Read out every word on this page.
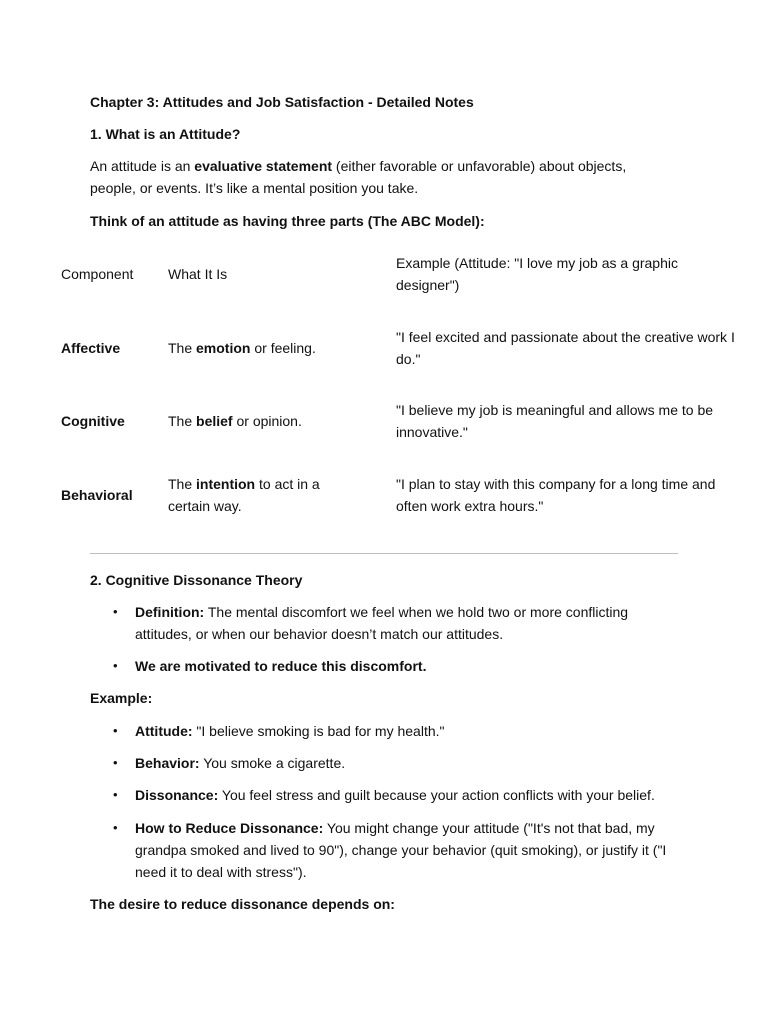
Chapter 3: Attitudes and Job Satisfaction - Detailed Notes
1. What is an Attitude?
An attitude is an evaluative statement (either favorable or unfavorable) about objects, people, or events. It’s like a mental position you take.
Think of an attitude as having three parts (The ABC Model):
Component What It Is
Example (Attitude: "I love my job as a graphic designer")
Affective	The emotion or feeling.
"I feel excited and passionate about the creative work I do."
Cognitive	The belief or opinion.
"I believe my job is meaningful and allows me to be innovative."
Behavioral
The intention to act in a certain way.
"I plan to stay with this company for a long time and often work extra hours."
2. Cognitive Dissonance Theory
• Definition: The mental discomfort we feel when we hold two or more conflicting attitudes, or when our behavior doesn’t match our attitudes.
• We are motivated to reduce this discomfort.
Example:
• Attitude: "I believe smoking is bad for my health."
• Behavior: You smoke a cigarette.
• Dissonance: You feel stress and guilt because your action conflicts with your belief.
• How to Reduce Dissonance: You might change your attitude ("It's not that bad, my grandpa smoked and lived to 90"), change your behavior (quit smoking), or justify it ("I need it to deal with stress").
The desire to reduce dissonance depends on:
